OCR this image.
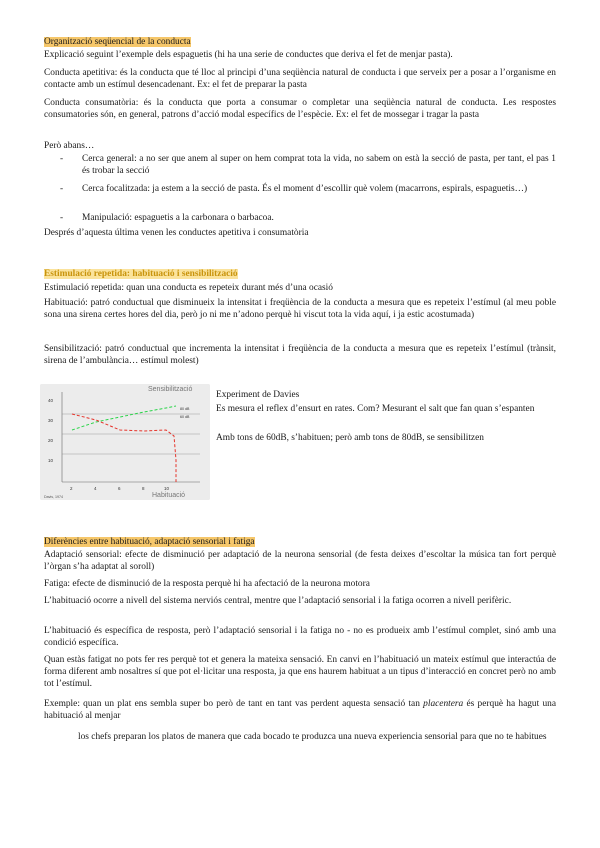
Organització seqüencial de la conducta

Explicació seguint l’exemple dels espaguetis (hi ha una serie de conductes que deriva el fet de menjar pasta).

Conducta apetitiva: és la conducta que té lloc al principi d’una seqüència natural de conducta i que serveix per a posar a l’organisme en contacte amb un estímul desencadenant. Ex: el fet de preparar la pasta

Conducta consumatòria: és la conducta que porta a consumar o completar una seqüència natural de conducta. Les respostes consumatories són, en general, patrons d’acció modal específics de l’espècie. Ex: el fet de mossegar i tragar la pasta

Però abans…

-	Cerca general: a no ser que anem al super on hem comprat tota la vida, no sabem on està la secció de pasta, per tant, el pas 1 és trobar la secció
-	Cerca focalitzada: ja estem a la secció de pasta. És el moment d’escollir què volem (macarrons, espirals, espaguetis…)
-	Manipulació: espaguetis a la carbonara o barbacoa.

Després d’aquesta última venen les conductes apetitiva i consumatòria

Estimulació repetida: habituació i sensibilització

Estimulació repetida: quan una conducta es repeteix durant més d’una ocasió

Habituació: patró conductual que disminueix la intensitat i freqüència de la conducta a mesura que es repeteix l’estímul (al meu poble sona una sirena certes hores del dia, però jo ni me n’adono perquè hi viscut tota la vida aquí, i ja estic acostumada)

Sensibilització: patró conductual que incrementa la intensitat i freqüència de la conducta a mesura que es repeteix l’estímul (trànsit, sirena de l’ambulància… estímul molest)

40
30
20
10
2	4	6	8	10
Sensibilització
Habituació
80 dB
60 dB
Davis, 1974

Experiment de Davies

Es mesura el reflex d’ensurt en rates. Com? Mesurant el salt que fan quan s’espanten

Amb tons de 60dB, s’habituen; però amb tons de 80dB, se sensibilitzen

Diferències entre habituació, adaptació sensorial i fatiga

Adaptació sensorial: efecte de disminució per adaptació de la neurona sensorial (de festa deixes d’escoltar la música tan fort perquè l’òrgan s’ha adaptat al soroll)

Fatiga: efecte de disminució de la resposta perquè hi ha afectació de la neurona motora

L’habituació ocorre a nivell del sistema nerviós central, mentre que l’adaptació sensorial i la fatiga ocorren a nivell perifèric.

L’habituació és específica de resposta, però l’adaptació sensorial i la fatiga no - no es produeix amb l’estímul complet, sinó amb una condició específica.

Quan estàs fatigat no pots fer res perquè tot et genera la mateixa sensació. En canvi en l’habituació un mateix estímul que interactúa de forma diferent amb nosaltres sí que pot el·licitar una resposta, ja que ens haurem habituat a un tipus d’interacció en concret però no amb tot l’estímul.

Exemple: quan un plat ens sembla super bo però de tant en tant vas perdent aquesta sensació tan placentera és perquè ha hagut una habituació al menjar

los chefs preparan los platos de manera que cada bocado te produzca una nueva experiencia sensorial para que no te habitues
